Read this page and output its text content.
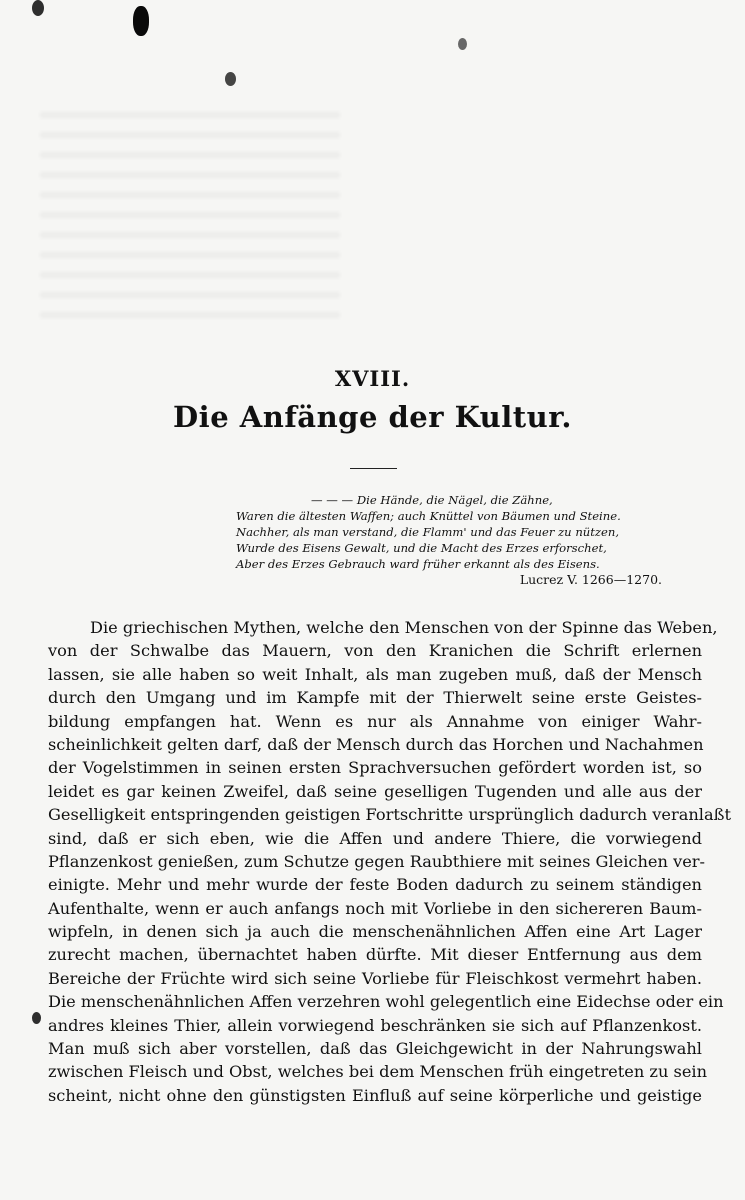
XVIII.
Die Anfänge der Kultur.
— — — Die Hände, die Nägel, die Zähne,
Waren die ältesten Waffen; auch Knüttel von Bäumen und Steine.
Nachher, als man verstand, die Flamm' und das Feuer zu nützen,
Wurde des Eisens Gewalt, und die Macht des Erzes erforschet,
Aber des Erzes Gebrauch ward früher erkannt als des Eisens.
Lucrez V. 1266—1270.
Die griechischen Mythen, welche den Menschen von der Spinne das Weben,
von der Schwalbe das Mauern, von den Kranichen die Schrift erlernen
lassen, sie alle haben so weit Inhalt, als man zugeben muß, daß der Mensch
durch den Umgang und im Kampfe mit der Thierwelt seine erste Geistes-
bildung empfangen hat. Wenn es nur als Annahme von einiger Wahr-
scheinlichkeit gelten darf, daß der Mensch durch das Horchen und Nachahmen
der Vogelstimmen in seinen ersten Sprachversuchen gefördert worden ist, so
leidet es gar keinen Zweifel, daß seine geselligen Tugenden und alle aus der
Geselligkeit entspringenden geistigen Fortschritte ursprünglich dadurch veranlaßt
sind, daß er sich eben, wie die Affen und andere Thiere, die vorwiegend
Pflanzenkost genießen, zum Schutze gegen Raubthiere mit seines Gleichen ver-
einigte. Mehr und mehr wurde der feste Boden dadurch zu seinem ständigen
Aufenthalte, wenn er auch anfangs noch mit Vorliebe in den sichereren Baum-
wipfeln, in denen sich ja auch die menschenähnlichen Affen eine Art Lager
zurecht machen, übernachtet haben dürfte. Mit dieser Entfernung aus dem
Bereiche der Früchte wird sich seine Vorliebe für Fleischkost vermehrt haben.
Die menschenähnlichen Affen verzehren wohl gelegentlich eine Eidechse oder ein
andres kleines Thier, allein vorwiegend beschränken sie sich auf Pflanzenkost.
Man muß sich aber vorstellen, daß das Gleichgewicht in der Nahrungswahl
zwischen Fleisch und Obst, welches bei dem Menschen früh eingetreten zu sein
scheint, nicht ohne den günstigsten Einfluß auf seine körperliche und geistige
